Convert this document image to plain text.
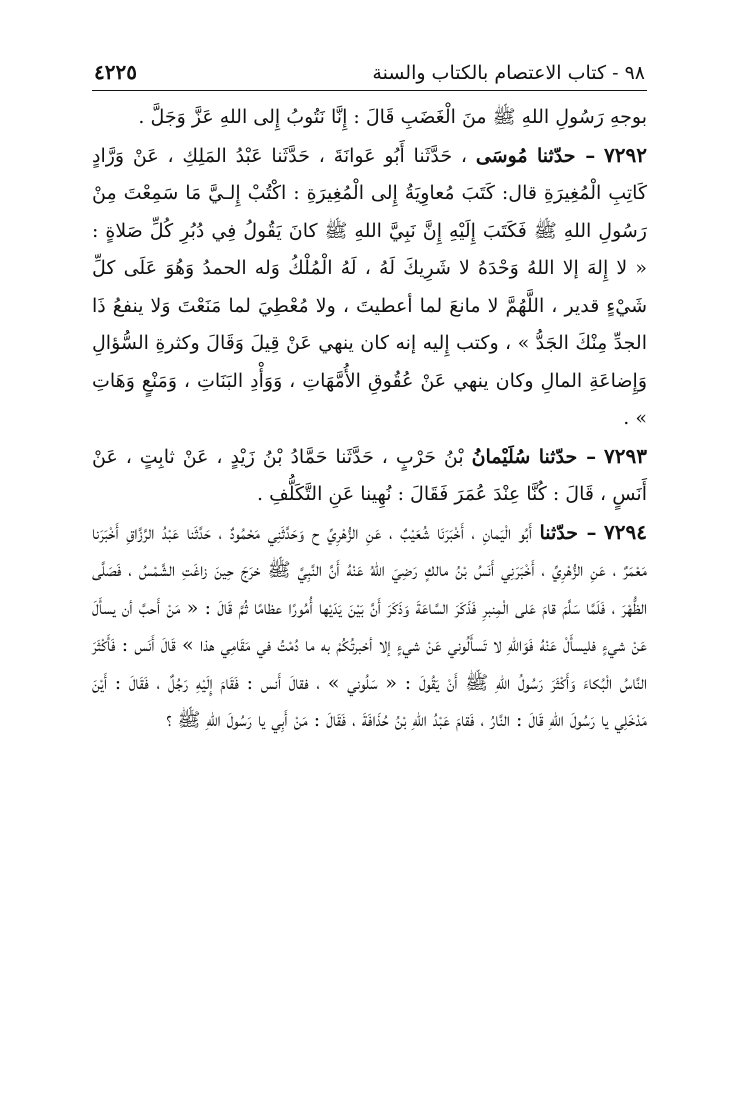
٩٨ - كتاب الاعتصام بالكتاب والسنة
٤٢٢٥

بوجهِ رَسُولِ اللهِ ﷺ منَ الْغَضَبِ قَالَ : إِنَّا نَتُوبُ إِلى اللهِ عَزَّ وَجَلَّ .

٧٢٩٢ – حدّثنا مُوسَى ، حَدَّثَنا أَبُو عَوانَةَ ، حَدَّثَنا عَبْدُ المَلِكِ ، عَنْ وَرَّادٍ كَاتِبِ الْمُغِيرَةِ قال: كَتَبَ مُعاوِيَةُ إِلى الْمُغِيرَةِ : اكْتُبْ إِلـيَّ مَا سَمِعْتَ مِنْ رَسُولِ اللهِ ﷺ فَكَتَبَ إِلَيْهِ إِنَّ نَبِيَّ اللهِ ﷺ كانَ يَقُولُ فِي دُبُرِ كُلِّ صَلاةٍ : « لا إِلهَ إلا اللهُ وَحْدَهُ لا شَرِيكَ لَهُ ، لَهُ الْمُلْكُ وَله الحمدُ وَهُوَ عَلَى كلِّ شَيْءٍ قدير ، اللَّهُمَّ لا مانعَ لما أعطيتَ ، ولا مُعْطِيَ لما مَنَعْتَ وَلا ينفعُ ذَا الجدِّ مِنْكَ الجَدُّ » ، وكتب إِليه إنه كان ينهي عَنْ قِيلَ وَقَالَ وكثرةِ السُّؤالِ وَإِضاعَةِ المالِ وكان ينهي عَنْ عُقُوقِ الأُمَّهَاتِ ، وَوَأْدِ البَنَاتِ ، وَمَنْعٍ وَهَاتِ » .

٧٢٩٣ – حدّثنا سُلَيْمانُ بْنُ حَرْبٍ ، حَدَّثَنا حَمَّادُ بْنُ زَيْدٍ ، عَنْ ثابِتٍ ، عَنْ أَنَسٍ ، قَالَ : كُنَّا عِنْدَ عُمَرَ فَقَالَ : نُهِينا عَنِ التَّكَلُّفِ .

٧٢٩٤ – حدّثنا أَبُو الْيَمانِ ، أَخْبَرَنَا شُعَيْبٌ ، عَنِ الزُّهْرِيِّ ح وَحَدَّثَنِي مَحْمُودٌ ، حَدَّثَنا عَبْدُ الرَّزَّاقِ أَخْبَرَنا مَعْمَرٌ ، عَنِ الزُّهْرِيِّ ، أَخْبَرَنِي أَنَسُ بْنُ مالكٍ رَضِيَ اللهُ عَنْهُ أَنَّ النَّبِيَّ ﷺ خرَجَ حِينَ زاغَتِ الشَّمْسُ ، فَصَلَّى الظُّهْرَ ، فَلَمَّا سَلَّمَ قامَ عَلى الْمِنبرِ فَذَكَرَ السَّاعَةَ وَذَكَرَ أَنَّ بَيْنَ يَدَيْها أُمُورًا عظامًا ثُمَّ قَالَ : « مَنْ أَحبَّ أن يسأَلَ عَنْ شيءٍ فليسأَلْ عَنْهُ فَوَاللهِ لا تَسأَلُوني عَنْ شيءٍ إلا أخبرتُكُمْ به ما دُمْتُ في مَقَامِي هذا » قَالَ أَنَس : فَأَكْثَرَ النَّاسُ الْبُكاءَ وَأَكْثَرَ رَسُولُ اللهِ ﷺ أَنْ يَقُولَ : « سَلُوني » ، فقالَ أَنس : فَقَامَ إِلَيْهِ رَجُلٌ ، فَقَالَ : أَيْنَ مَدْخَلِي يا رَسُولَ اللهِ قَالَ : النَّارُ ، فَقامَ عَبْدُ اللهِ بْنُ حُذَافَةَ ، فَقَالَ : مَنْ أَبِي يا رَسُولَ اللهِ ﷺ ؟
